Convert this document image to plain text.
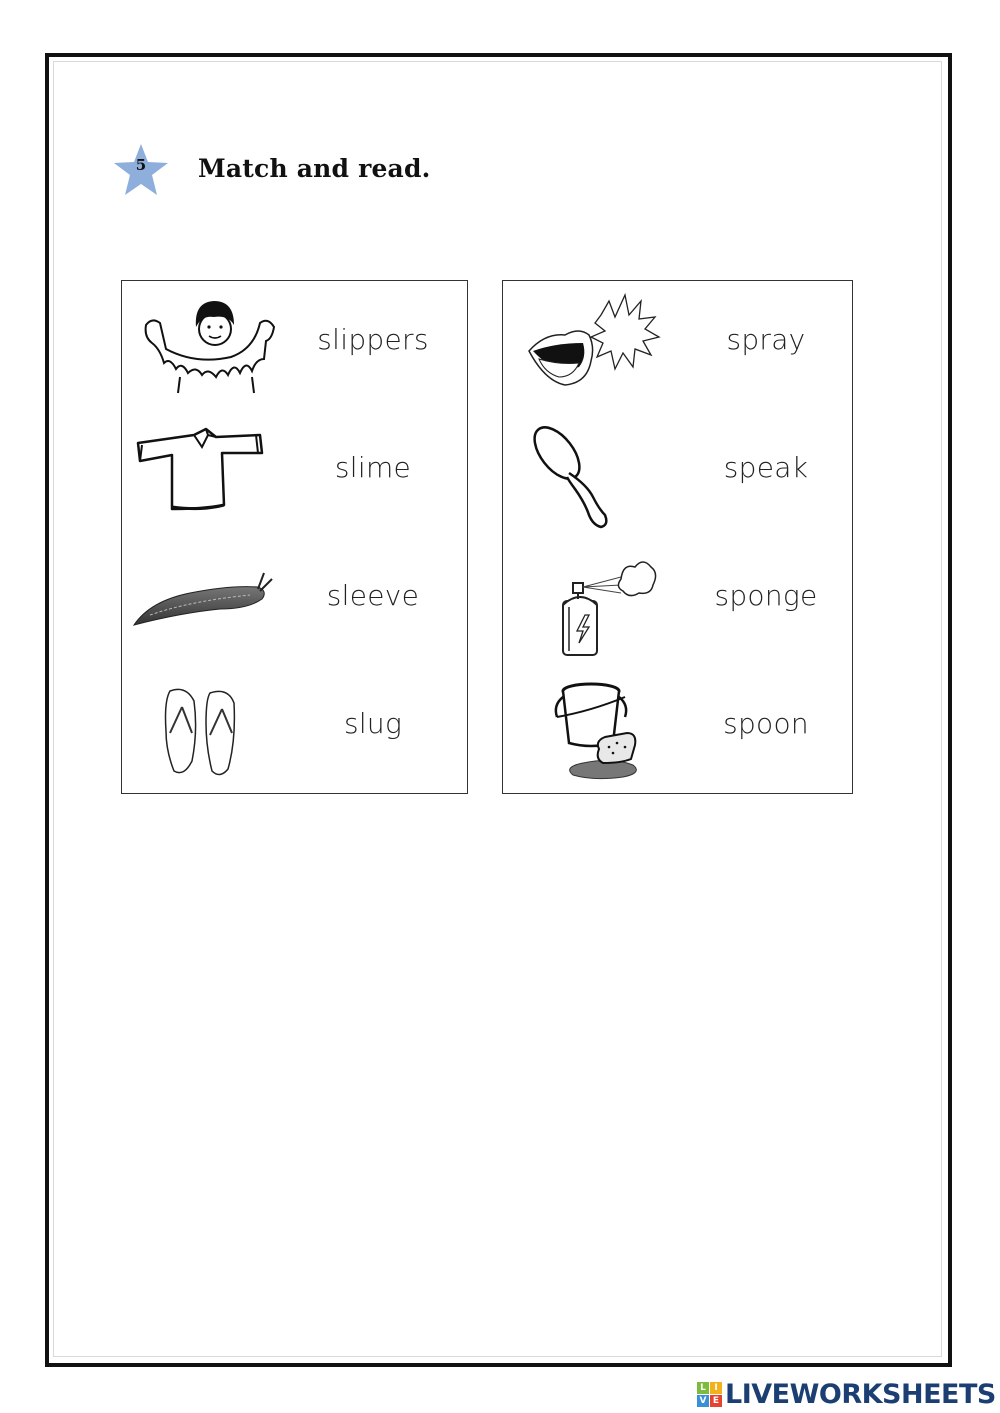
5	Match and read.
slippers
slime
sleeve
slug
spray
speak
sponge
spoon
L I
V E LIVEWORKSHEETS
